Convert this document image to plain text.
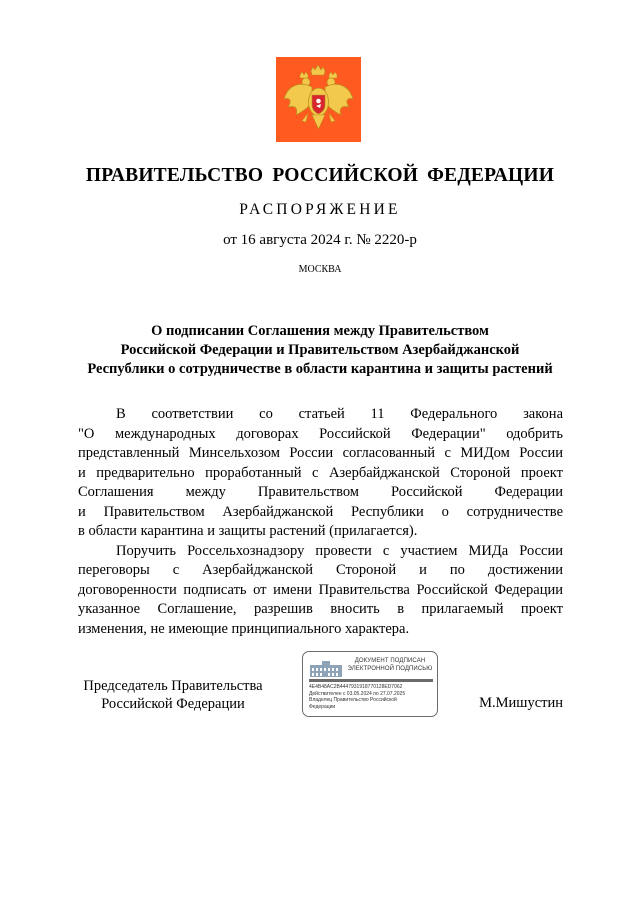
ПРАВИТЕЛЬСТВО РОССИЙСКОЙ ФЕДЕРАЦИИ
РАСПОРЯЖЕНИЕ
от 16 августа 2024 г. № 2220-р
МОСКВА
О подписании Соглашения между Правительством
Российской Федерации и Правительством Азербайджанской
Республики о сотрудничестве в области карантина и защиты растений
В соответствии со статьей 11 Федерального закона
"О международных договорах Российской Федерации" одобрить
представленный Минсельхозом России согласованный с МИДом России
и предварительно проработанный с Азербайджанской Стороной проект
Соглашения между Правительством Российской Федерации
и Правительством Азербайджанской Республики о сотрудничестве
в области карантина и защиты растений (прилагается).
Поручить Россельхознадзору провести с участием МИДа России
переговоры с Азербайджанской Стороной и по достижении
договоренности подписать от имени Правительства Российской Федерации
указанное Соглашение, разрешив вносить в прилагаемый проект
изменения, не имеющие принципиального характера.
Председатель Правительства
Российской Федерации
ДОКУМЕНТ ПОДПИСАН
ЭЛЕКТРОННОЙ ПОДПИСЬЮ
4E4B48AC2B4447931918770128ED7062
Действителен с 03.05.2024 по 27.07.2025
Владелец Правительство Российской
Федерации	М.Мишустин
